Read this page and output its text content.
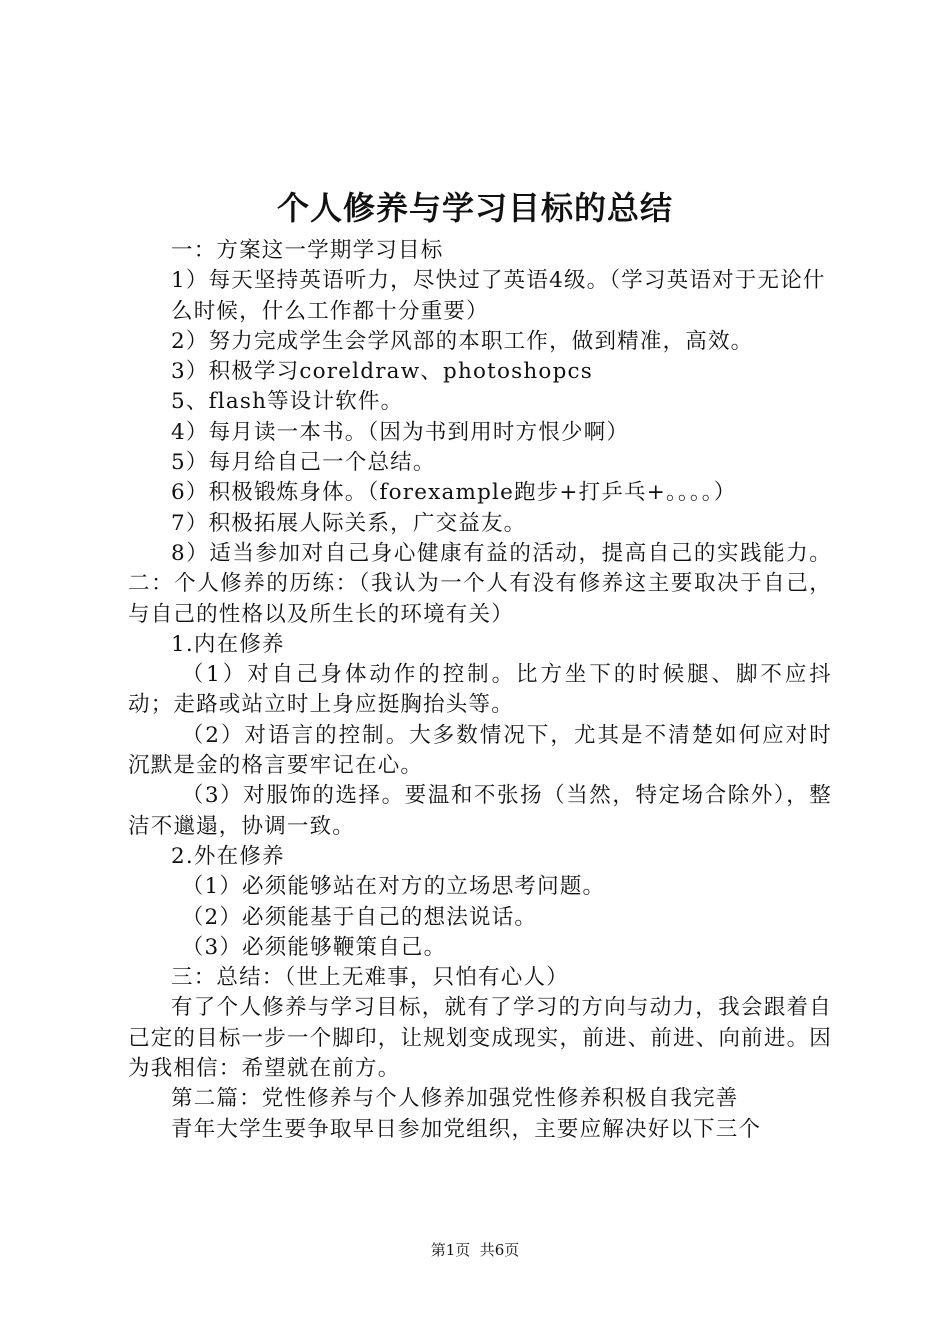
个人修养与学习目标的总结

一：方案这一学期学习目标

1）每天坚持英语听力，尽快过了英语4级。（学习英语对于无论什

么时候，什么工作都十分重要）

2）努力完成学生会学风部的本职工作，做到精准，高效。

3）积极学习coreldraw、photoshopcs

5、flash等设计软件。

4）每月读一本书。（因为书到用时方恨少啊）

5）每月给自己一个总结。

6）积极锻炼身体。（forexample跑步+打乒乓+。。。。）

7）积极拓展人际关系，广交益友。

8）适当参加对自己身心健康有益的活动，提高自己的实践能力。二：个人修养的历练：（我认为一个人有没有修养这主要取决于自己，与自己的性格以及所生长的环境有关）

1.内在修养

（1）对自己身体动作的控制。比方坐下的时候腿、脚不应抖动；走路或站立时上身应挺胸抬头等。

（2）对语言的控制。大多数情况下，尤其是不清楚如何应对时沉默是金的格言要牢记在心。

（3）对服饰的选择。要温和不张扬（当然，特定场合除外），整洁不邋遢，协调一致。

2.外在修养

（1）必须能够站在对方的立场思考问题。

（2）必须能基于自己的想法说话。

（3）必须能够鞭策自己。

三：总结：（世上无难事，只怕有心人）

有了个人修养与学习目标，就有了学习的方向与动力，我会跟着自己定的目标一步一个脚印，让规划变成现实，前进、前进、向前进。因为我相信：希望就在前方。

第二篇：党性修养与个人修养加强党性修养积极自我完善

青年大学生要争取早日参加党组织，主要应解决好以下三个

第1页  共6页
